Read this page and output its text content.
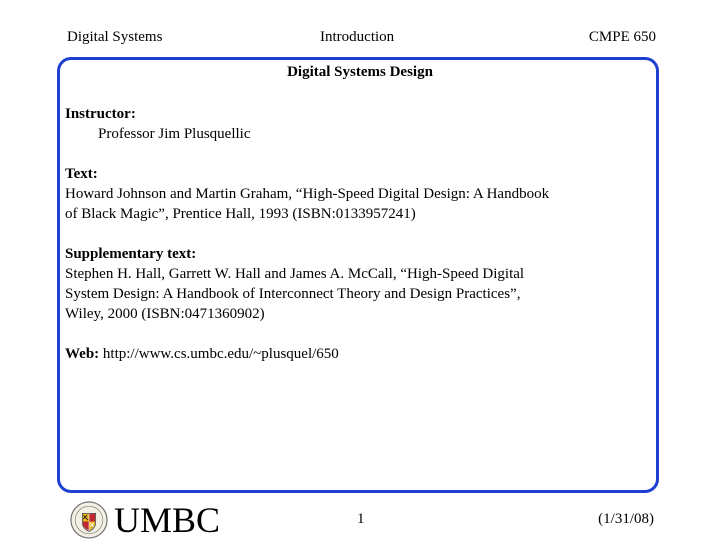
Digital Systems	Introduction	CMPE 650
Digital Systems Design
Instructor:
Professor Jim Plusquellic
Text:
Howard Johnson and Martin Graham, “High-Speed Digital Design: A Handbook
of Black Magic”, Prentice Hall, 1993 (ISBN:0133957241)
Supplementary text:
Stephen H. Hall, Garrett W. Hall and James A. McCall, “High-Speed Digital
System Design: A Handbook of Interconnect Theory and Design Practices”,
Wiley, 2000 (ISBN:0471360902)
Web: http://www.cs.umbc.edu/~plusquel/650
UMBC	1	(1/31/08)
